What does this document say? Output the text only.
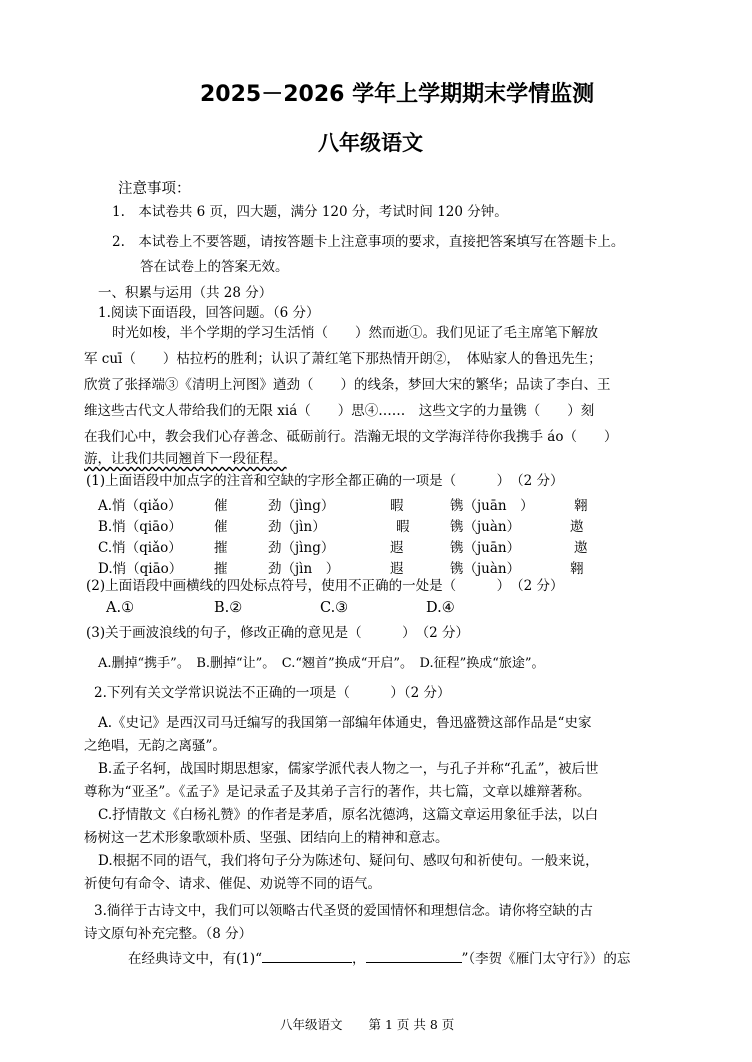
2025－2026 学年上学期期末学情监测
八年级语文
注意事项：
1.　本试卷共 6 页，四大题，满分 120 分，考试时间 120 分钟。
2.　本试卷上不要答题，请按答题卡上注意事项的要求，直接把答案填写在答题卡上。
答在试卷上的答案无效。
一、积累与运用（共 28 分）
1.阅读下面语段，回答问题。（6 分）
时光如梭，半个学期的学习生活悄（　　）然而逝①。我们见证了毛主席笔下解放
军 cuī（　　）枯拉朽的胜利；认识了萧红笔下那热情开朗②，　体贴家人的鲁迅先生；
欣赏了张择端③《清明上河图》遒劲（　　）的线条，梦回大宋的繁华；品读了李白、王
维这些古代文人带给我们的无限 xiá（　　）思④……　这些文字的力量镌（　　）刻
在我们心中，教会我们心存善念、砥砺前行。浩瀚无垠的文学海洋待你我携手 áo（　　）
游，让我们共同翘首下一段征程。
(1)上面语段中加点字的注音和空缺的字形全都正确的一项是（　　　）　（2 分）
A.悄（qiǎo） 催	劲（jìng）	暇	镌（juān　）	翱
B.悄（qiāo） 催	劲（jìn）	暇	镌（juàn）	遨
C.悄（qiǎo） 摧	劲（jìng）	遐	镌（juān）	遨
D.悄（qiāo） 摧	劲（jìn　）	遐	镌（juàn）	翱
(2)上面语段中画横线的四处标点符号，使用不正确的一处是（　　　）　（2 分）
A.①	B.②	C.③	D.④
(3)关于画波浪线的句子，修改正确的意见是（　　　）　（2 分）
A.删掉“携手”。　B.删掉“让”。　C.“翘首”换成“开启”。　D.征程”换成“旅途”。
2.下列有关文学常识说法不正确的一项是（　　　）（2 分）
A.《史记》是西汉司马迁编写的我国第一部编年体通史，鲁迅盛赞这部作品是“史家
之绝唱，无韵之离骚”。
B.孟子名轲，战国时期思想家，儒家学派代表人物之一，与孔子并称“孔孟”，被后世
尊称为“亚圣”。《孟子》是记录孟子及其弟子言行的著作，共七篇，文章以雄辩著称。
C.抒情散文《白杨礼赞》的作者是茅盾，原名沈德鸿，这篇文章运用象征手法，以白
杨树这一艺术形象歌颂朴质、坚强、团结向上的精神和意志。
D.根据不同的语气，我们将句子分为陈述句、疑问句、感叹句和祈使句。一般来说，
祈使句有命令、请求、催促、劝说等不同的语气。
3.徜徉于古诗文中，我们可以领略古代圣贤的爱国情怀和理想信念。请你将空缺的古
诗文原句补充完整。（8 分）
在经典诗文中，有(1)“	，	”（李贺《雁门太守行》）的忘
八年级语文 第 1 页 共 8 页
